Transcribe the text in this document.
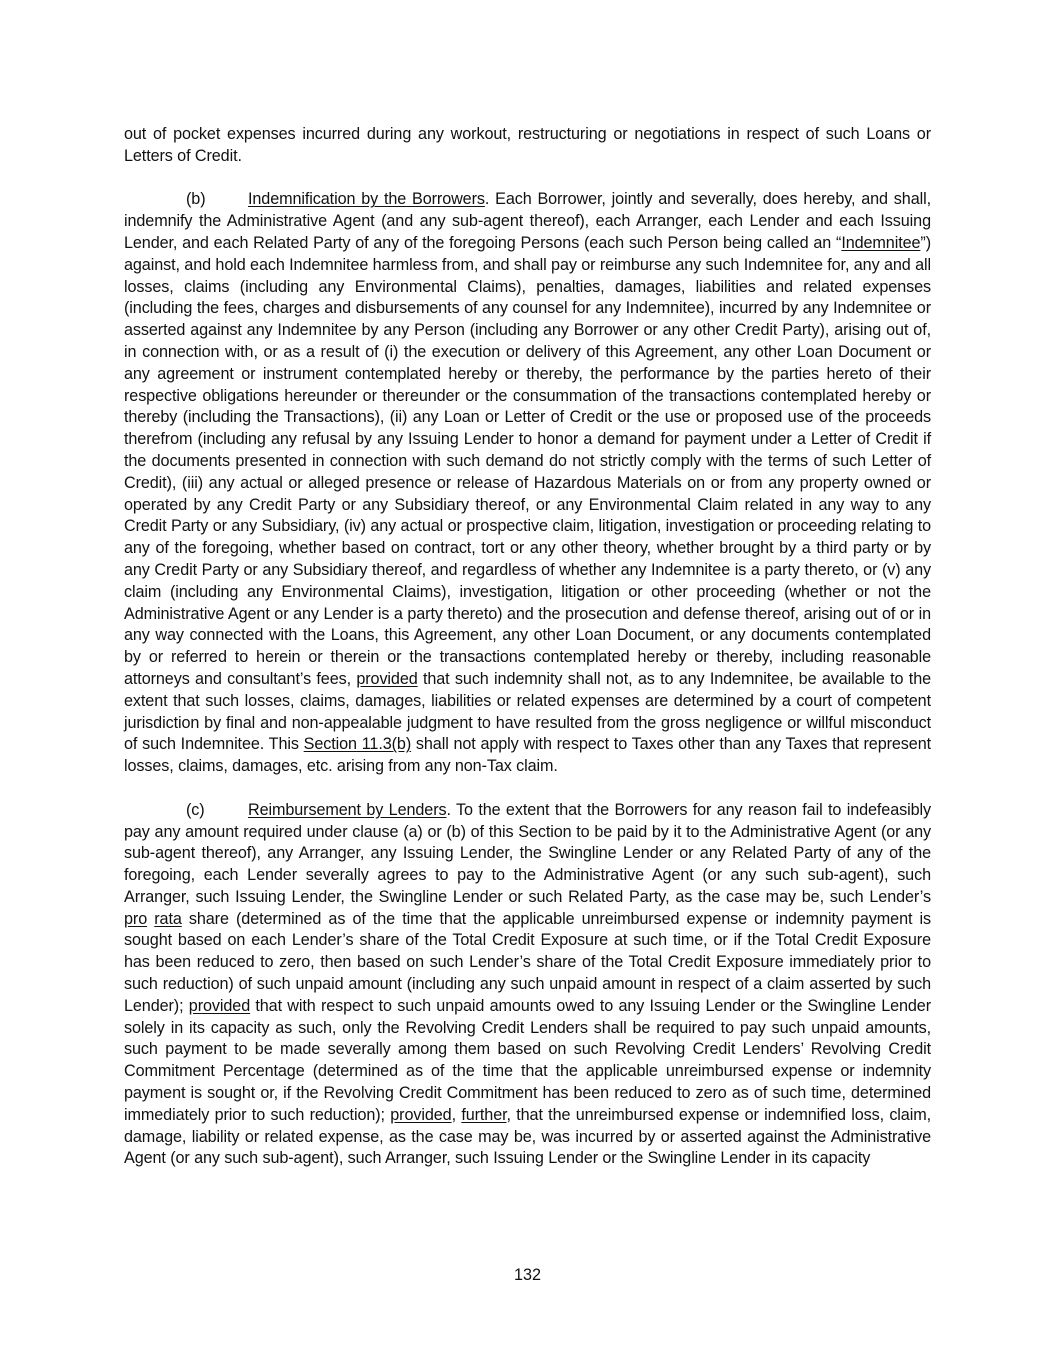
out of pocket expenses incurred during any workout, restructuring or negotiations in respect of such Loans or Letters of Credit.

(b)	Indemnification by the Borrowers. Each Borrower, jointly and severally, does hereby, and shall, indemnify the Administrative Agent (and any sub-agent thereof), each Arranger, each Lender and each Issuing Lender, and each Related Party of any of the foregoing Persons (each such Person being called an “Indemnitee”) against, and hold each Indemnitee harmless from, and shall pay or reimburse any such Indemnitee for, any and all losses, claims (including any Environmental Claims), penalties, damages, liabilities and related expenses (including the fees, charges and disbursements of any counsel for any Indemnitee), incurred by any Indemnitee or asserted against any Indemnitee by any Person (including any Borrower or any other Credit Party), arising out of, in connection with, or as a result of (i) the execution or delivery of this Agreement, any other Loan Document or any agreement or instrument contemplated hereby or thereby, the performance by the parties hereto of their respective obligations hereunder or thereunder or the consummation of the transactions contemplated hereby or thereby (including the Transactions), (ii) any Loan or Letter of Credit or the use or proposed use of the proceeds therefrom (including any refusal by any Issuing Lender to honor a demand for payment under a Letter of Credit if the documents presented in connection with such demand do not strictly comply with the terms of such Letter of Credit), (iii) any actual or alleged presence or release of Hazardous Materials on or from any property owned or operated by any Credit Party or any Subsidiary thereof, or any Environmental Claim related in any way to any Credit Party or any Subsidiary, (iv) any actual or prospective claim, litigation, investigation or proceeding relating to any of the foregoing, whether based on contract, tort or any other theory, whether brought by a third party or by any Credit Party or any Subsidiary thereof, and regardless of whether any Indemnitee is a party thereto, or (v) any claim (including any Environmental Claims), investigation, litigation or other proceeding (whether or not the Administrative Agent or any Lender is a party thereto) and the prosecution and defense thereof, arising out of or in any way connected with the Loans, this Agreement, any other Loan Document, or any documents contemplated by or referred to herein or therein or the transactions contemplated hereby or thereby, including reasonable attorneys and consultant’s fees, provided that such indemnity shall not, as to any Indemnitee, be available to the extent that such losses, claims, damages, liabilities or related expenses are determined by a court of competent jurisdiction by final and non-appealable judgment to have resulted from the gross negligence or willful misconduct of such Indemnitee. This Section 11.3(b) shall not apply with respect to Taxes other than any Taxes that represent losses, claims, damages, etc. arising from any non-Tax claim.

(c)	Reimbursement by Lenders. To the extent that the Borrowers for any reason fail to indefeasibly pay any amount required under clause (a) or (b) of this Section to be paid by it to the Administrative Agent (or any sub-agent thereof), any Arranger, any Issuing Lender, the Swingline Lender or any Related Party of any of the foregoing, each Lender severally agrees to pay to the Administrative Agent (or any such sub-agent), such Arranger, such Issuing Lender, the Swingline Lender or such Related Party, as the case may be, such Lender’s pro rata share (determined as of the time that the applicable unreimbursed expense or indemnity payment is sought based on each Lender’s share of the Total Credit Exposure at such time, or if the Total Credit Exposure has been reduced to zero, then based on such Lender’s share of the Total Credit Exposure immediately prior to such reduction) of such unpaid amount (including any such unpaid amount in respect of a claim asserted by such Lender); provided that with respect to such unpaid amounts owed to any Issuing Lender or the Swingline Lender solely in its capacity as such, only the Revolving Credit Lenders shall be required to pay such unpaid amounts, such payment to be made severally among them based on such Revolving Credit Lenders’ Revolving Credit Commitment Percentage (determined as of the time that the applicable unreimbursed expense or indemnity payment is sought or, if the Revolving Credit Commitment has been reduced to zero as of such time, determined immediately prior to such reduction); provided, further, that the unreimbursed expense or indemnified loss, claim, damage, liability or related expense, as the case may be, was incurred by or asserted against the Administrative Agent (or any such sub-agent), such Arranger, such Issuing Lender or the Swingline Lender in its capacity

132
